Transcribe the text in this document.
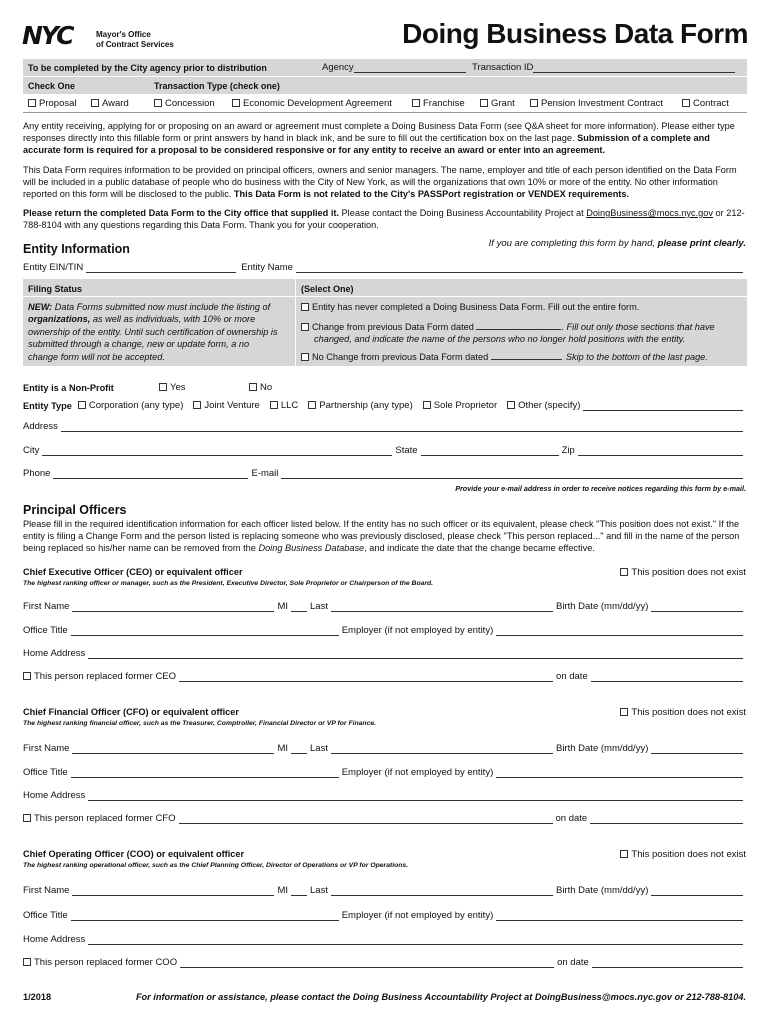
NYC	Mayor's Office
of Contract Services	Doing Business Data Form
To be completed by the City agency prior to distribution	Agency	Transaction ID
Check One	Transaction Type (check one)
Proposal	Award	Concession	Economic Development Agreement	Franchise	Grant	Pension Investment Contract	Contract
Any entity receiving, applying for or proposing on an award or agreement must complete a Doing Business Data Form (see Q&A sheet for more information). Please either type responses directly into this fillable form or print answers by hand in black ink, and be sure to fill out the certification box on the last page. Submission of a complete and accurate form is required for a proposal to be considered responsive or for any entity to receive an award or enter into an agreement.
This Data Form requires information to be provided on principal officers, owners and senior managers. The name, employer and title of each person identified on the Data Form will be included in a public database of people who do business with the City of New York, as will the organizations that own 10% or more of the entity. No other information reported on this form will be disclosed to the public. This Data Form is not related to the City's PASSPort registration or VENDEX requirements.
Please return the completed Data Form to the City office that supplied it. Please contact the Doing Business Accountability Project at DoingBusiness@mocs.nyc.gov or 212-788-8104 with any questions regarding this Data Form. Thank you for your cooperation.
Entity Information	If you are completing this form by hand, please print clearly.
Entity EIN/TIN	Entity Name
Filing Status	(Select One)
NEW: Data Forms submitted now must include the listing of organizations, as well as individuals, with 10% or more ownership of the entity. Until such certification of ownership is submitted through a change, new or update form, a no change form will not be accepted.
Entity has never completed a Doing Business Data Form. Fill out the entire form.
Change from previous Data Form dated	. Fill out only those sections that have
changed, and indicate the name of the persons who no longer hold positions with the entity.
No Change from previous Data Form dated	. Skip to the bottom of the last page.
Entity is a Non-Profit	Yes	No
Entity Type	Corporation (any type)	Joint Venture	LLC	Partnership (any type)	Sole Proprietor	Other (specify)
Address
City	State	Zip
Phone	E-mail
Provide your e-mail address in order to receive notices regarding this form by e-mail.
Principal Officers
Please fill in the required identification information for each officer listed below. If the entity has no such officer or its equivalent, please check "This position does not exist." If the entity is filing a Change Form and the person listed is replacing someone who was previously disclosed, please check "This person replaced..." and fill in the name of the person being replaced so his/her name can be removed from the Doing Business Database, and indicate the date that the change became effective.
Chief Executive Officer (CEO) or equivalent officer	This position does not exist
The highest ranking officer or manager, such as the President, Executive Director, Sole Proprietor or Chairperson of the Board.
First Name	MI Last	Birth Date (mm/dd/yy)
Office Title	Employer (if not employed by entity)
Home Address
This person replaced former CEO	on date
Chief Financial Officer (CFO) or equivalent officer	This position does not exist
The highest ranking financial officer, such as the Treasurer, Comptroller, Financial Director or VP for Finance.
First Name	MI Last	Birth Date (mm/dd/yy)
Office Title	Employer (if not employed by entity)
Home Address
This person replaced former CFO	on date
Chief Operating Officer (COO) or equivalent officer	This position does not exist
The highest ranking operational officer, such as the Chief Planning Officer, Director of Operations or VP for Operations.
First Name	MI Last	Birth Date (mm/dd/yy)
Office Title	Employer (if not employed by entity)
Home Address
This person replaced former COO	on date
1/2018	For information or assistance, please contact the Doing Business Accountability Project at DoingBusiness@mocs.nyc.gov or 212-788-8104.
